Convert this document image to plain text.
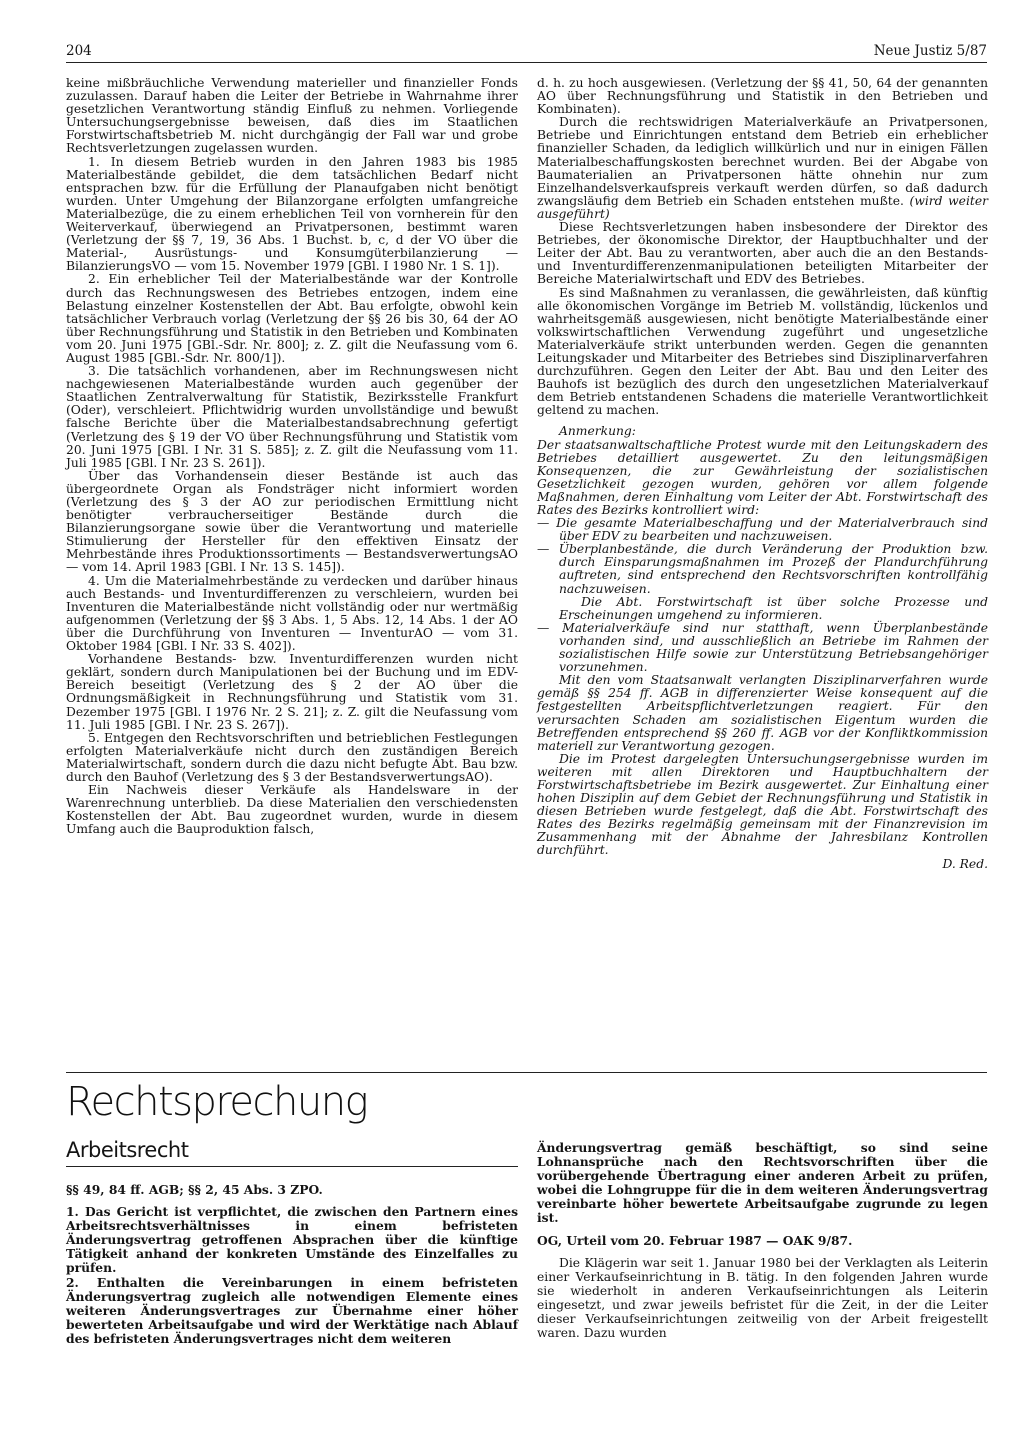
204	Neue Justiz 5/87

keine mißbräuchliche Verwendung materieller und finanzieller Fonds zuzulassen. Darauf haben die Leiter der Betriebe in Wahrnahme ihrer gesetzlichen Verantwortung ständig Einfluß zu nehmen. Vorliegende Untersuchungsergebnisse beweisen, daß dies im Staatlichen Forstwirtschaftsbetrieb M. nicht durchgängig der Fall war und grobe Rechtsverletzungen zugelassen wurden.

1. In diesem Betrieb wurden in den Jahren 1983 bis 1985 Materialbestände gebildet, die dem tatsächlichen Bedarf nicht entsprachen bzw. für die Erfüllung der Planaufgaben nicht benötigt wurden. Unter Umgehung der Bilanzorgane erfolgten umfangreiche Materialbezüge, die zu einem erheblichen Teil von vornherein für den Weiterverkauf, überwiegend an Privatpersonen, bestimmt waren (Verletzung der §§ 7, 19, 36 Abs. 1 Buchst. b, c, d der VO über die Material-, Ausrüstungs- und Konsumgüterbilanzierung — BilanzierungsVO — vom 15. November 1979 [GBl. I 1980 Nr. 1 S. 1]).

2. Ein erheblicher Teil der Materialbestände war der Kontrolle durch das Rechnungswesen des Betriebes entzogen, indem eine Belastung einzelner Kostenstellen der Abt. Bau erfolgte, obwohl kein tatsächlicher Verbrauch vorlag (Verletzung der §§ 26 bis 30, 64 der AO über Rechnungsführung und Statistik in den Betrieben und Kombinaten vom 20. Juni 1975 [GBl.-Sdr. Nr. 800]; z. Z. gilt die Neufassung vom 6. August 1985 [GBl.-Sdr. Nr. 800/1]).

3. Die tatsächlich vorhandenen, aber im Rechnungswesen nicht nachgewiesenen Materialbestände wurden auch gegenüber der Staatlichen Zentralverwaltung für Statistik, Bezirksstelle Frankfurt (Oder), verschleiert. Pflichtwidrig wurden unvollständige und bewußt falsche Berichte über die Materialbestandsabrechnung gefertigt (Verletzung des § 19 der VO über Rechnungsführung und Statistik vom 20. Juni 1975 [GBl. I Nr. 31 S. 585]; z. Z. gilt die Neufassung vom 11. Juli 1985 [GBl. I Nr. 23 S. 261]).

Über das Vorhandensein dieser Bestände ist auch das übergeordnete Organ als Fondsträger nicht informiert worden (Verletzung des § 3 der AO zur periodischen Ermittlung nicht benötigter verbraucherseitiger Bestände durch die Bilanzierungsorgane sowie über die Verantwortung und materielle Stimulierung der Hersteller für den effektiven Einsatz der Mehrbestände ihres Produktionssortiments — BestandsverwertungsAO — vom 14. April 1983 [GBl. I Nr. 13 S. 145]).

4. Um die Materialmehrbestände zu verdecken und darüber hinaus auch Bestands- und Inventurdifferenzen zu verschleiern, wurden bei Inventuren die Materialbestände nicht vollständig oder nur wertmäßig aufgenommen (Verletzung der §§ 3 Abs. 1, 5 Abs. 12, 14 Abs. 1 der AO über die Durchführung von Inventuren — InventurAO — vom 31. Oktober 1984 [GBl. I Nr. 33 S. 402]).

Vorhandene Bestands- bzw. Inventurdifferenzen wurden nicht geklärt, sondern durch Manipulationen bei der Buchung und im EDV-Bereich beseitigt (Verletzung des § 2 der AO über die Ordnungsmäßigkeit in Rechnungsführung und Statistik vom 31. Dezember 1975 [GBl. I 1976 Nr. 2 S. 21]; z. Z. gilt die Neufassung vom 11. Juli 1985 [GBl. I Nr. 23 S. 267]).

5. Entgegen den Rechtsvorschriften und betrieblichen Festlegungen erfolgten Materialverkäufe nicht durch den zuständigen Bereich Materialwirtschaft, sondern durch die dazu nicht befugte Abt. Bau bzw. durch den Bauhof (Verletzung des § 3 der BestandsverwertungsAO).

Ein Nachweis dieser Verkäufe als Handelsware in der Warenrechnung unterblieb. Da diese Materialien den verschiedensten Kostenstellen der Abt. Bau zugeordnet wurden, wurde in diesem Umfang auch die Bauproduktion falsch,

d. h. zu hoch ausgewiesen. (Verletzung der §§ 41, 50, 64 der genannten AO über Rechnungsführung und Statistik in den Betrieben und Kombinaten).

Durch die rechtswidrigen Materialverkäufe an Privatpersonen, Betriebe und Einrichtungen entstand dem Betrieb ein erheblicher finanzieller Schaden, da lediglich willkürlich und nur in einigen Fällen Materialbeschaffungskosten berechnet wurden. Bei der Abgabe von Baumaterialien an Privatpersonen hätte ohnehin nur zum Einzelhandelsverkaufspreis verkauft werden dürfen, so daß dadurch zwangsläufig dem Betrieb ein Schaden entstehen mußte. (wird weiter ausgeführt)

Diese Rechtsverletzungen haben insbesondere der Direktor des Betriebes, der ökonomische Direktor, der Hauptbuchhalter und der Leiter der Abt. Bau zu verantworten, aber auch die an den Bestands- und Inventurdifferenzenmanipulationen beteiligten Mitarbeiter der Bereiche Materialwirtschaft und EDV des Betriebes.

Es sind Maßnahmen zu veranlassen, die gewährleisten, daß künftig alle ökonomischen Vorgänge im Betrieb M. vollständig, lückenlos und wahrheitsgemäß ausgewiesen, nicht benötigte Materialbestände einer volkswirtschaftlichen Verwendung zugeführt und ungesetzliche Materialverkäufe strikt unterbunden werden. Gegen die genannten Leitungskader und Mitarbeiter des Betriebes sind Disziplinarverfahren durchzuführen. Gegen den Leiter der Abt. Bau und den Leiter des Bauhofs ist bezüglich des durch den ungesetzlichen Materialverkauf dem Betrieb entstandenen Schadens die materielle Verantwortlichkeit geltend zu machen.

Anmerkung:

Der staatsanwaltschaftliche Protest wurde mit den Leitungskadern des Betriebes detailliert ausgewertet. Zu den leitungsmäßigen Konsequenzen, die zur Gewährleistung der sozialistischen Gesetzlichkeit gezogen wurden, gehören vor allem folgende Maßnahmen, deren Einhaltung vom Leiter der Abt. Forstwirtschaft des Rates des Bezirks kontrolliert wird:

— Die gesamte Materialbeschaffung und der Materialverbrauch sind über EDV zu bearbeiten und nachzuweisen.

— Überplanbestände, die durch Veränderung der Produktion bzw. durch Einsparungsmaßnahmen im Prozeß der Plandurchführung auftreten, sind entsprechend den Rechtsvorschriften kontrollfähig nachzuweisen.

Die Abt. Forstwirtschaft ist über solche Prozesse und Erscheinungen umgehend zu informieren.

— Materialverkäufe sind nur statthaft, wenn Überplanbestände vorhanden sind, und ausschließlich an Betriebe im Rahmen der sozialistischen Hilfe sowie zur Unterstützung Betriebsangehöriger vorzunehmen.

Mit den vom Staatsanwalt verlangten Disziplinarverfahren wurde gemäß §§ 254 ff. AGB in differenzierter Weise konsequent auf die festgestellten Arbeitspflichtverletzungen reagiert. Für den verursachten Schaden am sozialistischen Eigentum wurden die Betreffenden entsprechend §§ 260 ff. AGB vor der Konfliktkommission materiell zur Verantwortung gezogen.

Die im Protest dargelegten Untersuchungsergebnisse wurden im weiteren mit allen Direktoren und Hauptbuchhaltern der Forstwirtschaftsbetriebe im Bezirk ausgewertet. Zur Einhaltung einer hohen Disziplin auf dem Gebiet der Rechnungsführung und Statistik in diesen Betrieben wurde festgelegt, daß die Abt. Forstwirtschaft des Rates des Bezirks regelmäßig gemeinsam mit der Finanzrevision im Zusammenhang mit der Abnahme der Jahresbilanz Kontrollen durchführt.

D. Red.

Rechtsprechung
Arbeitsrecht

§§ 49, 84 ff. AGB; §§ 2, 45 Abs. 3 ZPO.

1. Das Gericht ist verpflichtet, die zwischen den Partnern eines Arbeitsrechtsverhältnisses in einem befristeten Änderungsvertrag getroffenen Absprachen über die künftige Tätigkeit anhand der konkreten Umstände des Einzelfalles zu prüfen.

2. Enthalten die Vereinbarungen in einem befristeten Änderungsvertrag zugleich alle notwendigen Elemente eines weiteren Änderungsvertrages zur Übernahme einer höher bewerteten Arbeitsaufgabe und wird der Werktätige nach Ablauf des befristeten Änderungsvertrages nicht dem weiteren

Änderungsvertrag gemäß beschäftigt, so sind seine Lohnansprüche nach den Rechtsvorschriften über die vorübergehende Übertragung einer anderen Arbeit zu prüfen, wobei die Lohngruppe für die in dem weiteren Änderungsvertrag vereinbarte höher bewertete Arbeitsaufgabe zugrunde zu legen ist.

OG, Urteil vom 20. Februar 1987 — OAK 9/87.

Die Klägerin war seit 1. Januar 1980 bei der Verklagten als Leiterin einer Verkaufseinrichtung in B. tätig. In den folgenden Jahren wurde sie wiederholt in anderen Verkaufseinrichtungen als Leiterin eingesetzt, und zwar jeweils befristet für die Zeit, in der die Leiter dieser Verkaufseinrichtungen zeitweilig von der Arbeit freigestellt waren. Dazu wurden
